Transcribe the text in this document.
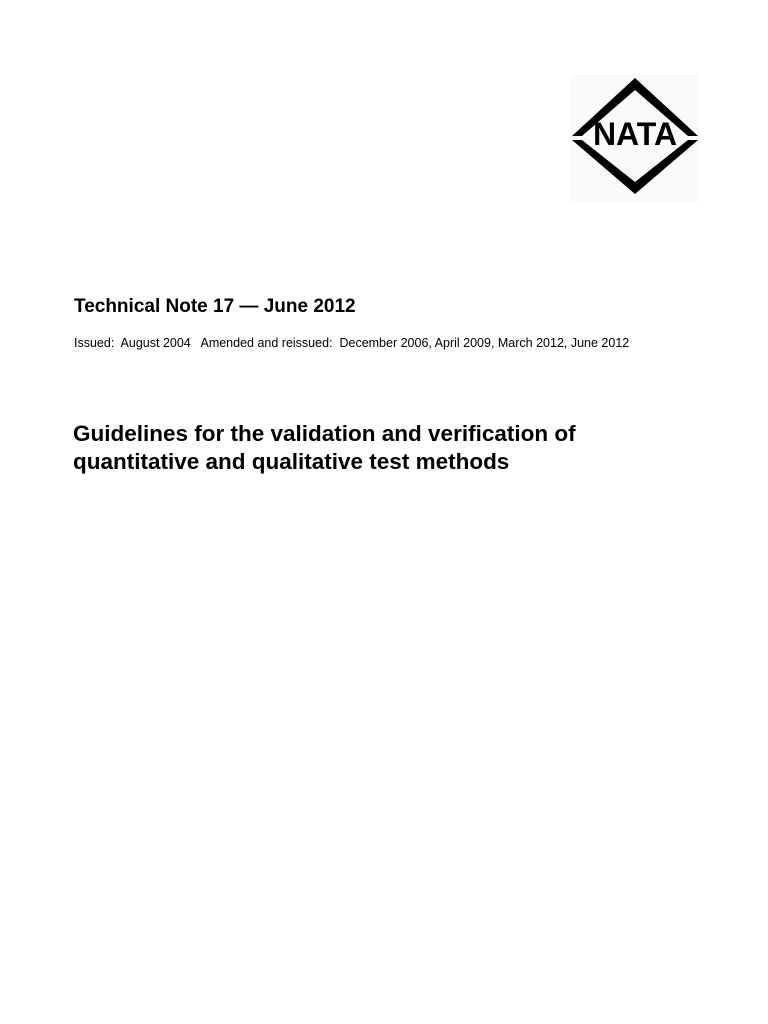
NATA
Technical Note 17 — June 2012
Issued:  August 2004   Amended and reissued:  December 2006, April 2009, March 2012, June 2012
Guidelines for the validation and verification of
quantitative and qualitative test methods
